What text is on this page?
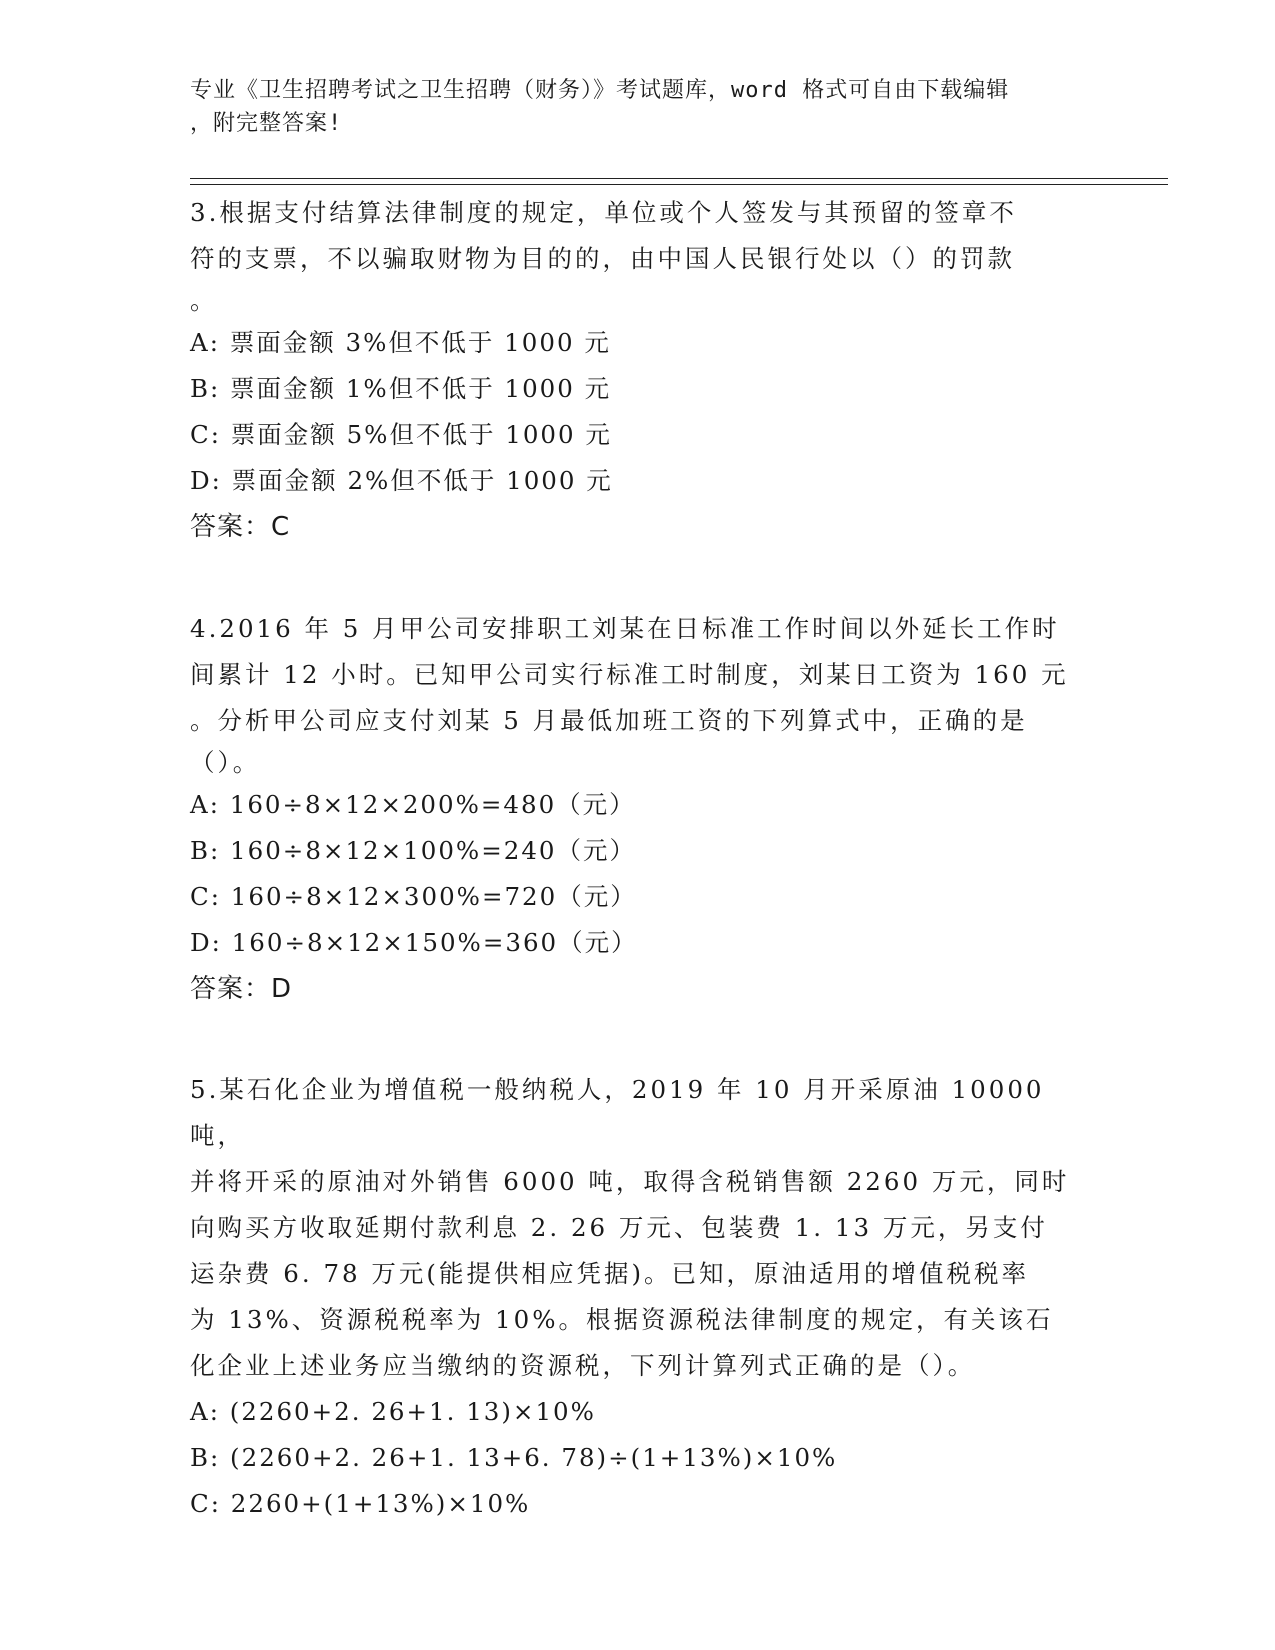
专业《卫生招聘考试之卫生招聘（财务）》考试题库，word 格式可自由下载编辑
，附完整答案!

3.根据支付结算法律制度的规定，单位或个人签发与其预留的签章不

符的支票，不以骗取财物为目的的，由中国人民银行处以（）的罚款

。

A: 票面金额 3%但不低于 1000 元

B: 票面金额 1%但不低于 1000 元

C: 票面金额 5%但不低于 1000 元

D: 票面金额 2%但不低于 1000 元

答案：C

4.2016 年 5 月甲公司安排职工刘某在日标准工作时间以外延长工作时

间累计 12 小时。已知甲公司实行标准工时制度，刘某日工资为 160 元

。分析甲公司应支付刘某 5 月最低加班工资的下列算式中，正确的是

（）。

A: 160÷8×12×200%=480（元）

B: 160÷8×12×100%=240（元）

C: 160÷8×12×300%=720（元）

D: 160÷8×12×150%=360（元）

答案：D

5.某石化企业为增值税一般纳税人，2019 年 10 月开采原油 10000 吨，

并将开采的原油对外销售 6000 吨，取得含税销售额 2260 万元，同时

向购买方收取延期付款利息 2. 26 万元、包装费 1. 13 万元，另支付

运杂费 6. 78 万元(能提供相应凭据)。已知，原油适用的增值税税率

为 13%、资源税税率为 10%。根据资源税法律制度的规定，有关该石

化企业上述业务应当缴纳的资源税，下列计算列式正确的是（）。

A: (2260+2. 26+1. 13)×10%

B: (2260+2. 26+1. 13+6. 78)÷(1+13%)×10%

C: 2260+(1+13%)×10%
